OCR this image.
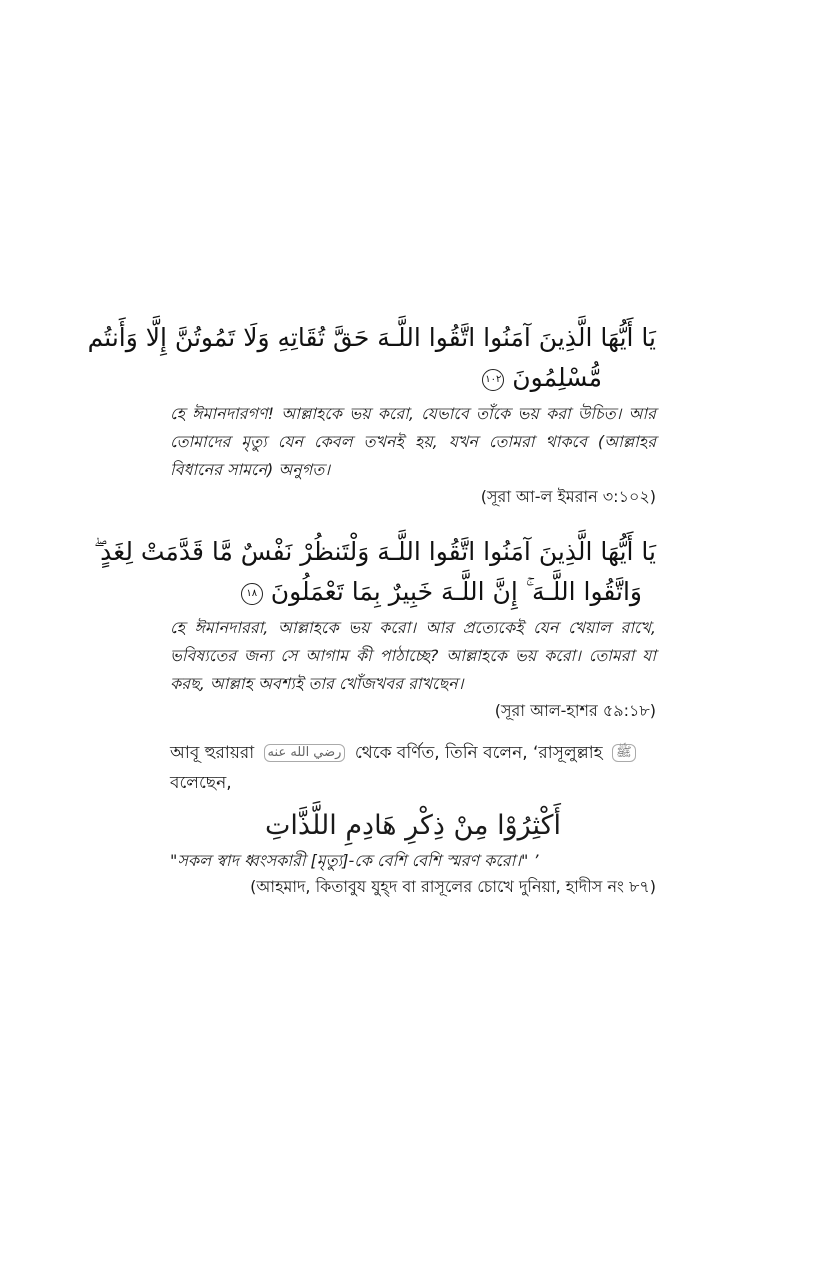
يَا أَيُّهَا الَّذِينَ آمَنُوا اتَّقُوا اللَّـهَ حَقَّ تُقَاتِهِ وَلَا تَمُوتُنَّ إِلَّا وَأَنتُم
مُّسْلِمُونَ١٠٢

হে ঈমানদারগণ! আল্লাহকে ভয় করো, যেভাবে তাঁকে ভয় করা উচিত। আর তোমাদের মৃত্যু যেন কেবল তখনই হয়, যখন তোমরা থাকবে (আল্লাহর বিধানের সামনে) অনুগত।

(সূরা আ-ল ইমরান ৩:১০২)

يَا أَيُّهَا الَّذِينَ آمَنُوا اتَّقُوا اللَّـهَ وَلْتَنظُرْ نَفْسٌ مَّا قَدَّمَتْ لِغَدٍ ۖ
وَاتَّقُوا اللَّـهَ ۚ إِنَّ اللَّـهَ خَبِيرٌ بِمَا تَعْمَلُونَ١٨

হে ঈমানদাররা, আল্লাহকে ভয় করো। আর প্রত্যেকেই যেন খেয়াল রাখে, ভবিষ্যতের জন্য সে আগাম কী পাঠাচ্ছে? আল্লাহকে ভয় করো। তোমরা যা করছ, আল্লাহ অবশ্যই তার খোঁজখবর রাখছেন।

(সূরা আল-হাশর ৫৯:১৮)

আবূ হুরায়রা رضي الله عنه থেকে বর্ণিত, তিনি বলেন, ‘রাসূলুল্লাহ ﷺ
বলেছেন,

أَكْثِرُوْا مِنْ ذِكْرِ هَادِمِ اللَّذَّاتِ

"সকল স্বাদ ধ্বংসকারী [মৃত্যু]-কে বেশি বেশি স্মরণ করো।" ’

(আহমাদ, কিতাবুয যুহ্দ বা রাসূলের চোখে দুনিয়া, হাদীস নং ৮৭)
